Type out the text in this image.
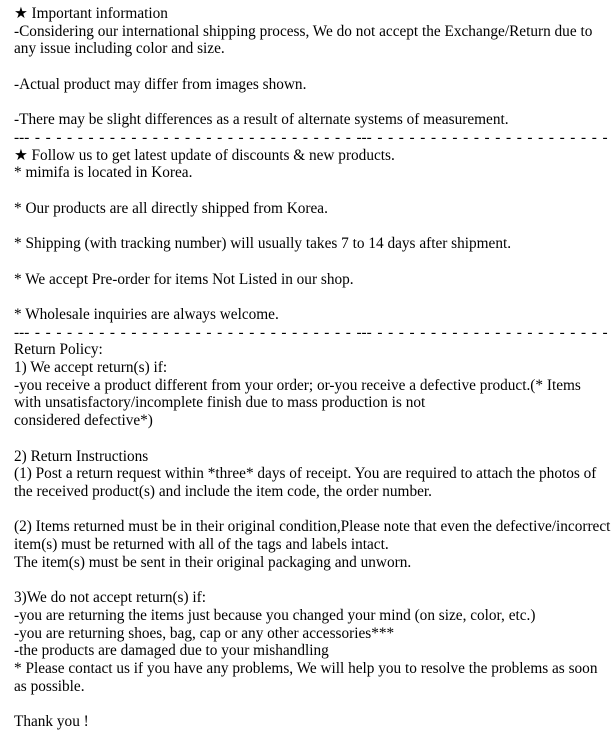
★ Important information
-Considering our international shipping process, We do not accept the Exchange/Return due to
any issue including color and size.

-Actual product may differ from images shown.

-There may be slight differences as a result of alternate systems of measurement.
--- - - - - - - - - - - - - - - - - - - - - - - - - - - - - - - --- - - - - - - - - - - - - - - - - - - - - - -
★ Follow us to get latest update of discounts & new products.
* mimifa is located in Korea.

* Our products are all directly shipped from Korea.

* Shipping (with tracking number) will usually takes 7 to 14 days after shipment.

* We accept Pre-order for items Not Listed in our shop.

* Wholesale inquiries are always welcome.
--- - - - - - - - - - - - - - - - - - - - - - - - - - - - - - - --- - - - - - - - - - - - - - - - - - - - - - -
Return Policy:
1) We accept return(s) if:
-you receive a product different from your order; or-you receive a defective product.(* Items
with unsatisfactory/incomplete finish due to mass production is not
considered defective*)

2) Return Instructions
(1) Post a return request within *three* days of receipt. You are required to attach the photos of
the received product(s) and include the item code, the order number.

(2) Items returned must be in their original condition,Please note that even the defective/incorrect
item(s) must be returned with all of the tags and labels intact.
The item(s) must be sent in their original packaging and unworn.

3)We do not accept return(s) if:
-you are returning the items just because you changed your mind (on size, color, etc.)
-you are returning shoes, bag, cap or any other accessories***
-the products are damaged due to your mishandling
* Please contact us if you have any problems, We will help you to resolve the problems as soon
as possible.

Thank you !
